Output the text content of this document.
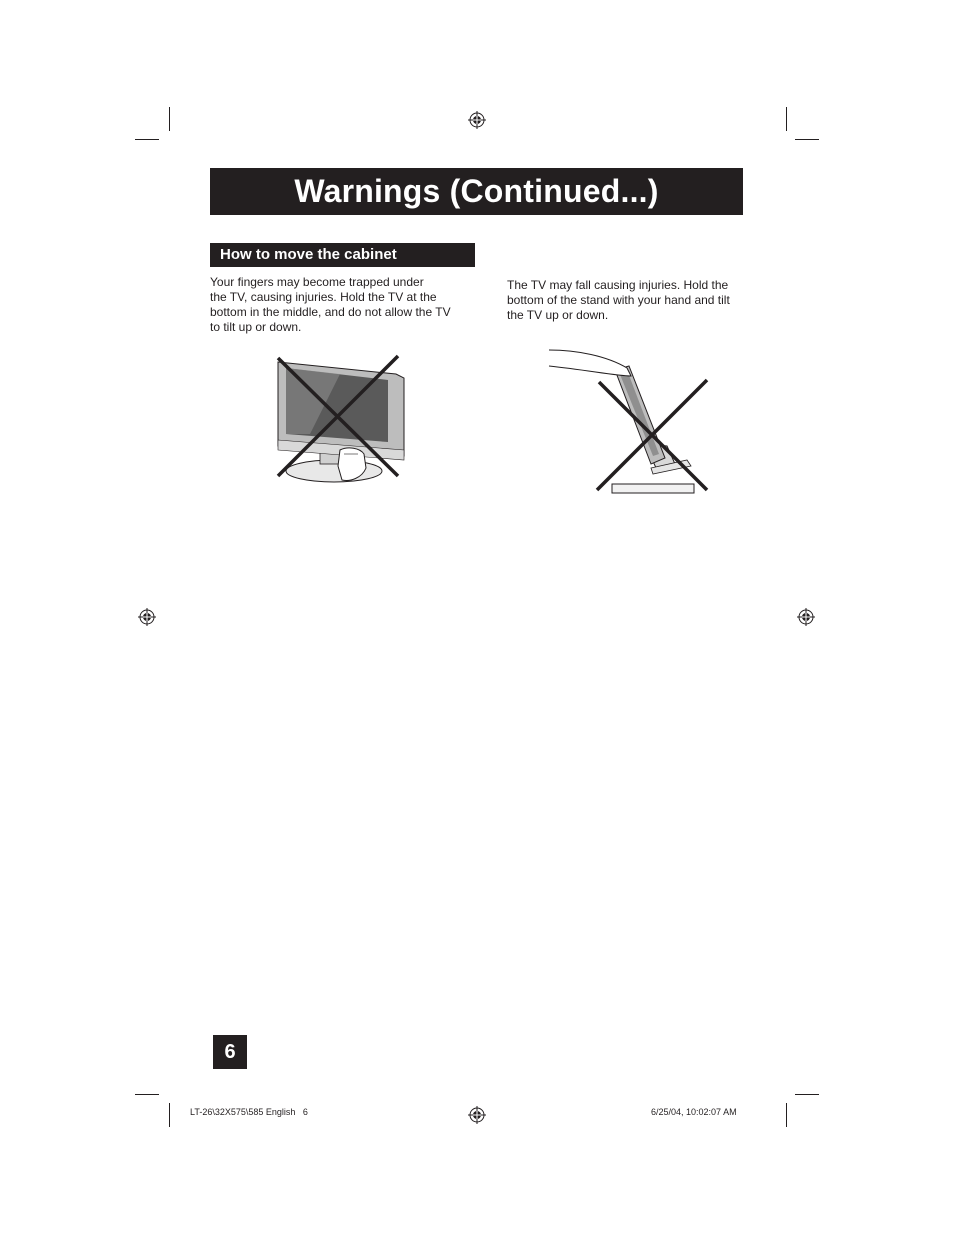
Warnings (Continued...)
How to move the cabinet
Your fingers may become trapped under
the TV, causing injuries. Hold the TV at the
bottom in the middle, and do not allow the TV
to tilt up or down.
The TV may fall causing injuries. Hold the
bottom of the stand with your hand and tilt
the TV up or down.
6
LT-26\32X575\585 English   6	6/25/04, 10:02:07 AM
